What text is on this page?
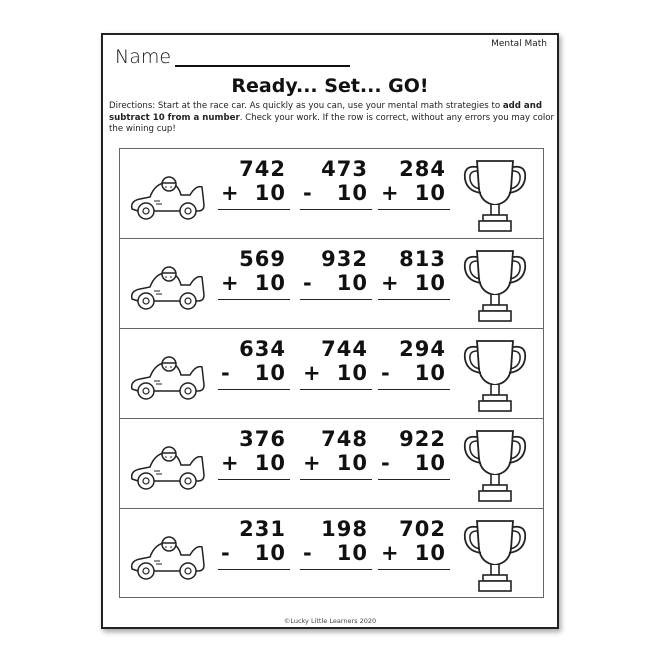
Mental Math
Name
Ready... Set... GO!
Directions: Start at the race car. As quickly as you can, use your mental math strategies to add and subtract 10 from a number. Check your work. If the row is correct, without any errors you may color the wining cup!
742
+ 10
473
- 10
284
+ 10
569
+ 10
932
- 10
813
+ 10
634
- 10
744
+ 10
294
- 10
376
+ 10
748
+ 10
922
- 10
231
- 10
198
- 10
702
+ 10
©Lucky Little Learners 2020
